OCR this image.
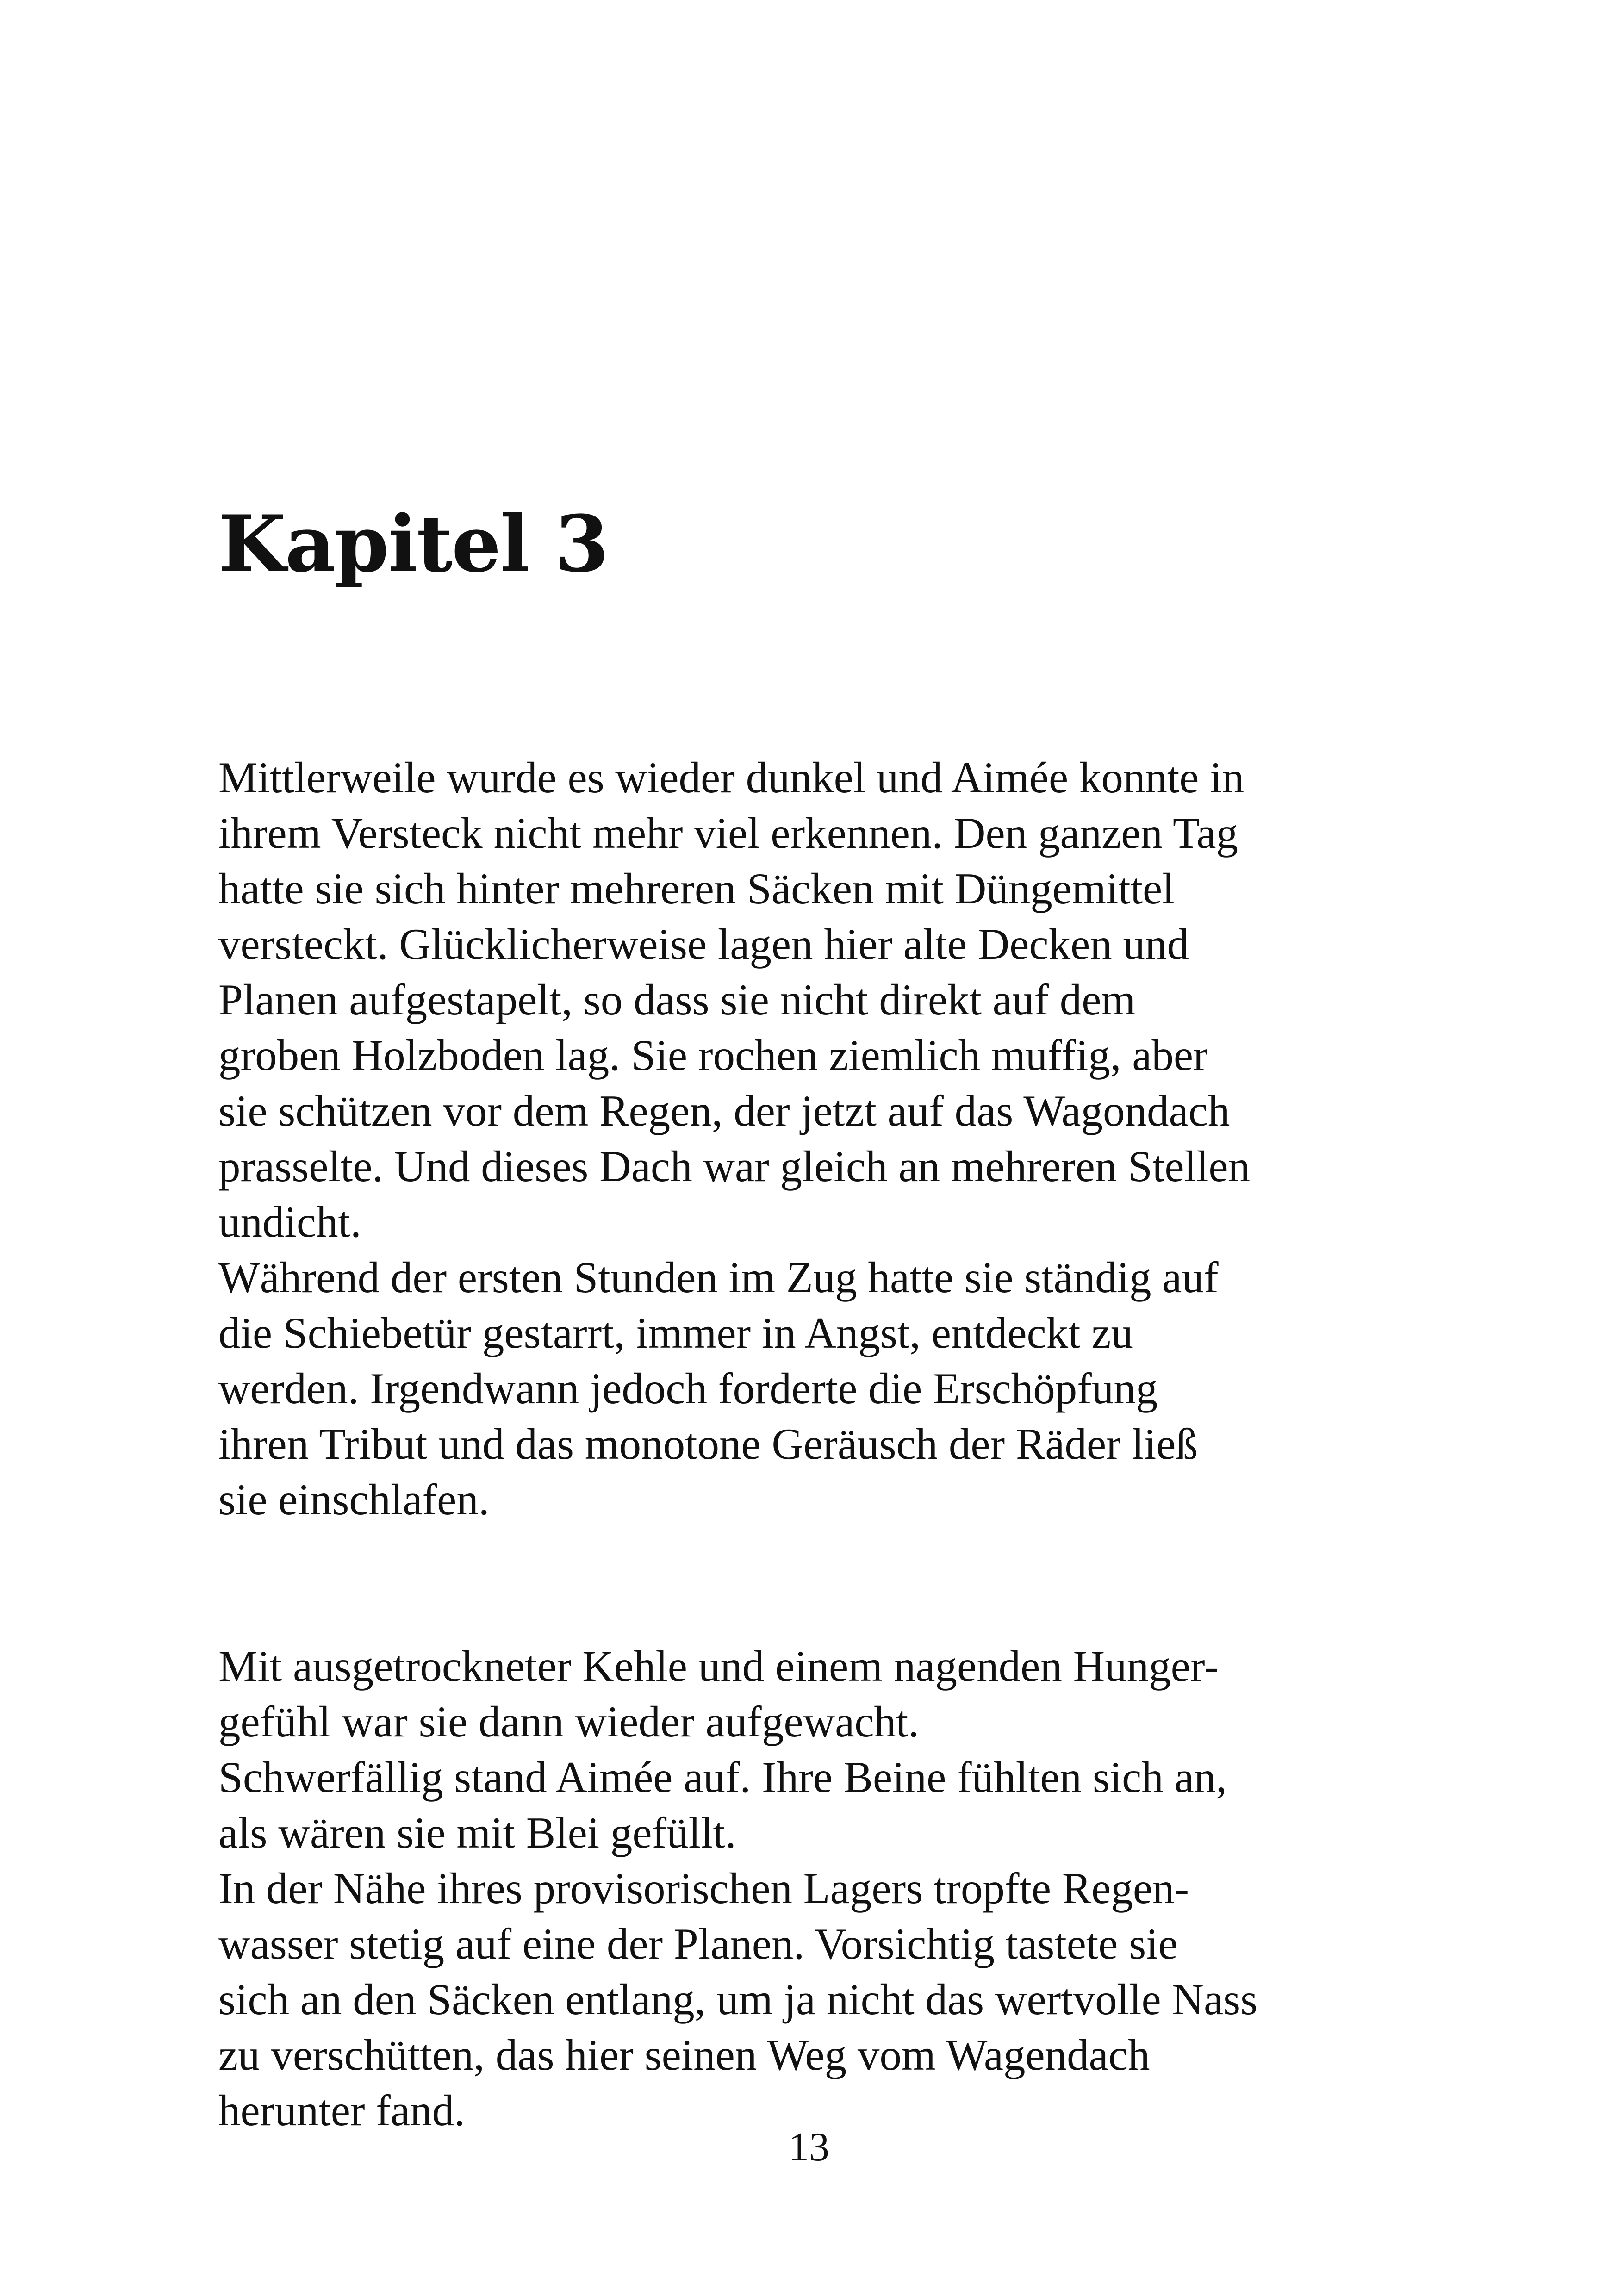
Kapitel 3
Mittlerweile wurde es wieder dunkel und Aimée konnte in
ihrem Versteck nicht mehr viel erkennen. Den ganzen Tag
hatte sie sich hinter mehreren Säcken mit Düngemittel
versteckt. Glücklicherweise lagen hier alte Decken und
Planen aufgestapelt, so dass sie nicht direkt auf dem
groben Holzboden lag. Sie rochen ziemlich muffig, aber
sie schützen vor dem Regen, der jetzt auf das Wagondach
prasselte. Und dieses Dach war gleich an mehreren Stellen
undicht.
Während der ersten Stunden im Zug hatte sie ständig auf
die Schiebetür gestarrt, immer in Angst, entdeckt zu
werden. Irgendwann jedoch forderte die Erschöpfung
ihren Tribut und das monotone Geräusch der Räder ließ
sie einschlafen.
Mit ausgetrockneter Kehle und einem nagenden Hunger-
gefühl war sie dann wieder aufgewacht.
Schwerfällig stand Aimée auf. Ihre Beine fühlten sich an,
als wären sie mit Blei gefüllt.
In der Nähe ihres provisorischen Lagers tropfte Regen-
wasser stetig auf eine der Planen. Vorsichtig tastete sie
sich an den Säcken entlang, um ja nicht das wertvolle Nass
zu verschütten, das hier seinen Weg vom Wagendach
herunter fand.
13
